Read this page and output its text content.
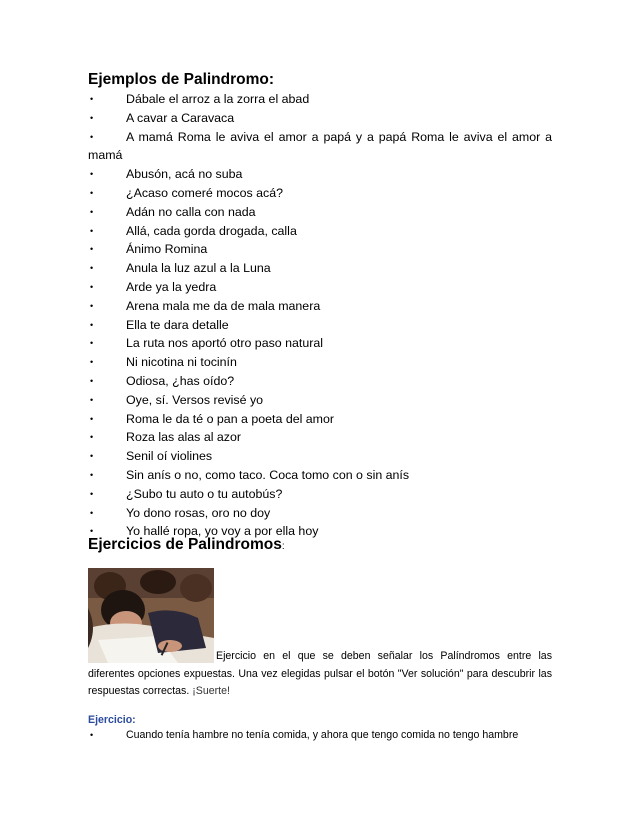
Ejemplos de Palindromo:
•	Dábale el arroz a la zorra el abad
•	A cavar a Caravaca
•	A mamá Roma le aviva el amor a papá y a papá Roma le aviva el amor a mamá
•	Abusón, acá no suba
•	¿Acaso comeré mocos acá?
•	Adán no calla con nada
•	Allá, cada gorda drogada, calla
•	Ánimo Romina
•	Anula la luz azul a la Luna
•	Arde ya la yedra
•	Arena mala me da de mala manera
•	Ella te dara detalle
•	La ruta nos aportó otro paso natural
•	Ni nicotina ni tocinín
•	Odiosa, ¿has oído?
•	Oye, sí. Versos revisé yo
•	Roma le da té o pan a poeta del amor
•	Roza las alas al azor
•	Senil oí violines
•	Sin anís o no, como taco. Coca tomo con o sin anís
•	¿Subo tu auto o tu autobús?
•	Yo dono rosas, oro no doy
•	Yo hallé ropa, yo voy a por ella hoy
Ejercicios de Palindromos:
Ejercicio en el que se deben señalar los Palíndromos entre las diferentes opciones expuestas. Una vez elegidas pulsar el botón "Ver solución" para descubrir las respuestas correctas. ¡Suerte!
Ejercicio:
•	Cuando tenía hambre no tenía comida, y ahora que tengo comida no tengo hambre
